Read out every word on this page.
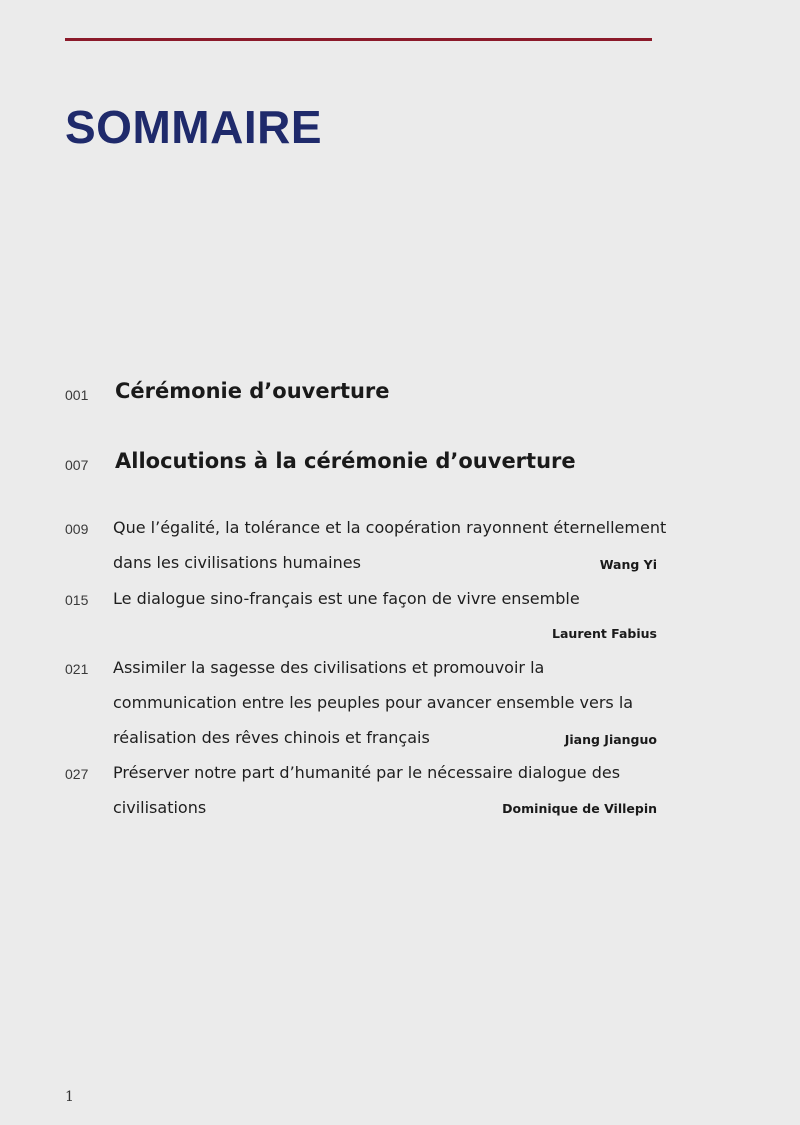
SOMMAIRE
001 Cérémonie d’ouverture
007 Allocutions à la cérémonie d’ouverture
009 Que l’égalité, la tolérance et la coopération rayonnent éternellement
dans les civilisations humaines	Wang Yi
015 Le dialogue sino-français est une façon de vivre ensemble
Laurent Fabius
021 Assimiler la sagesse des civilisations et promouvoir la
communication entre les peuples pour avancer ensemble vers la
réalisation des rêves chinois et français	Jiang Jianguo
027 Préserver notre part d’humanité par le nécessaire dialogue des
civilisations	Dominique de Villepin
1
